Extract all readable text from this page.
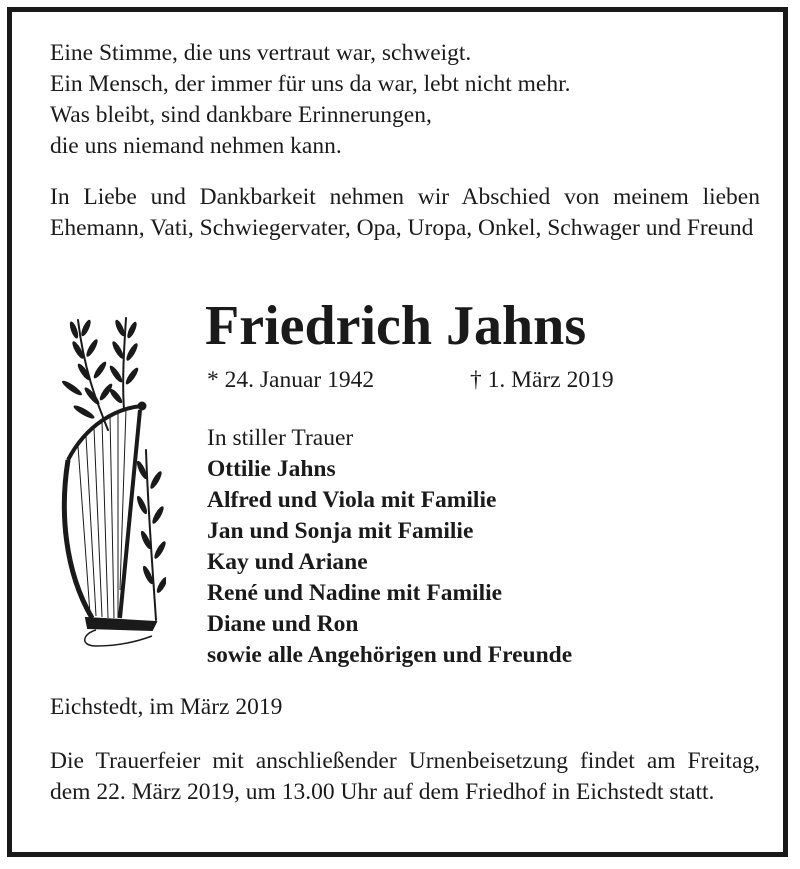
Eine Stimme, die uns vertraut war, schweigt.
Ein Mensch, der immer für uns da war, lebt nicht mehr.
Was bleibt, sind dankbare Erinnerungen,
die uns niemand nehmen kann.
In Liebe und Dankbarkeit nehmen wir Abschied von meinem lieben Ehemann, Vati, Schwiegervater, Opa, Uropa, Onkel, Schwager und Freund
Friedrich Jahns
* 24. Januar 1942	† 1. März 2019
In stiller Trauer
Ottilie Jahns
Alfred und Viola mit Familie
Jan und Sonja mit Familie
Kay und Ariane
René und Nadine mit Familie
Diane und Ron
sowie alle Angehörigen und Freunde
Eichstedt, im März 2019
Die Trauerfeier mit anschließender Urnenbeisetzung findet am Freitag, dem 22. März 2019, um 13.00 Uhr auf dem Friedhof in Eichstedt statt.
